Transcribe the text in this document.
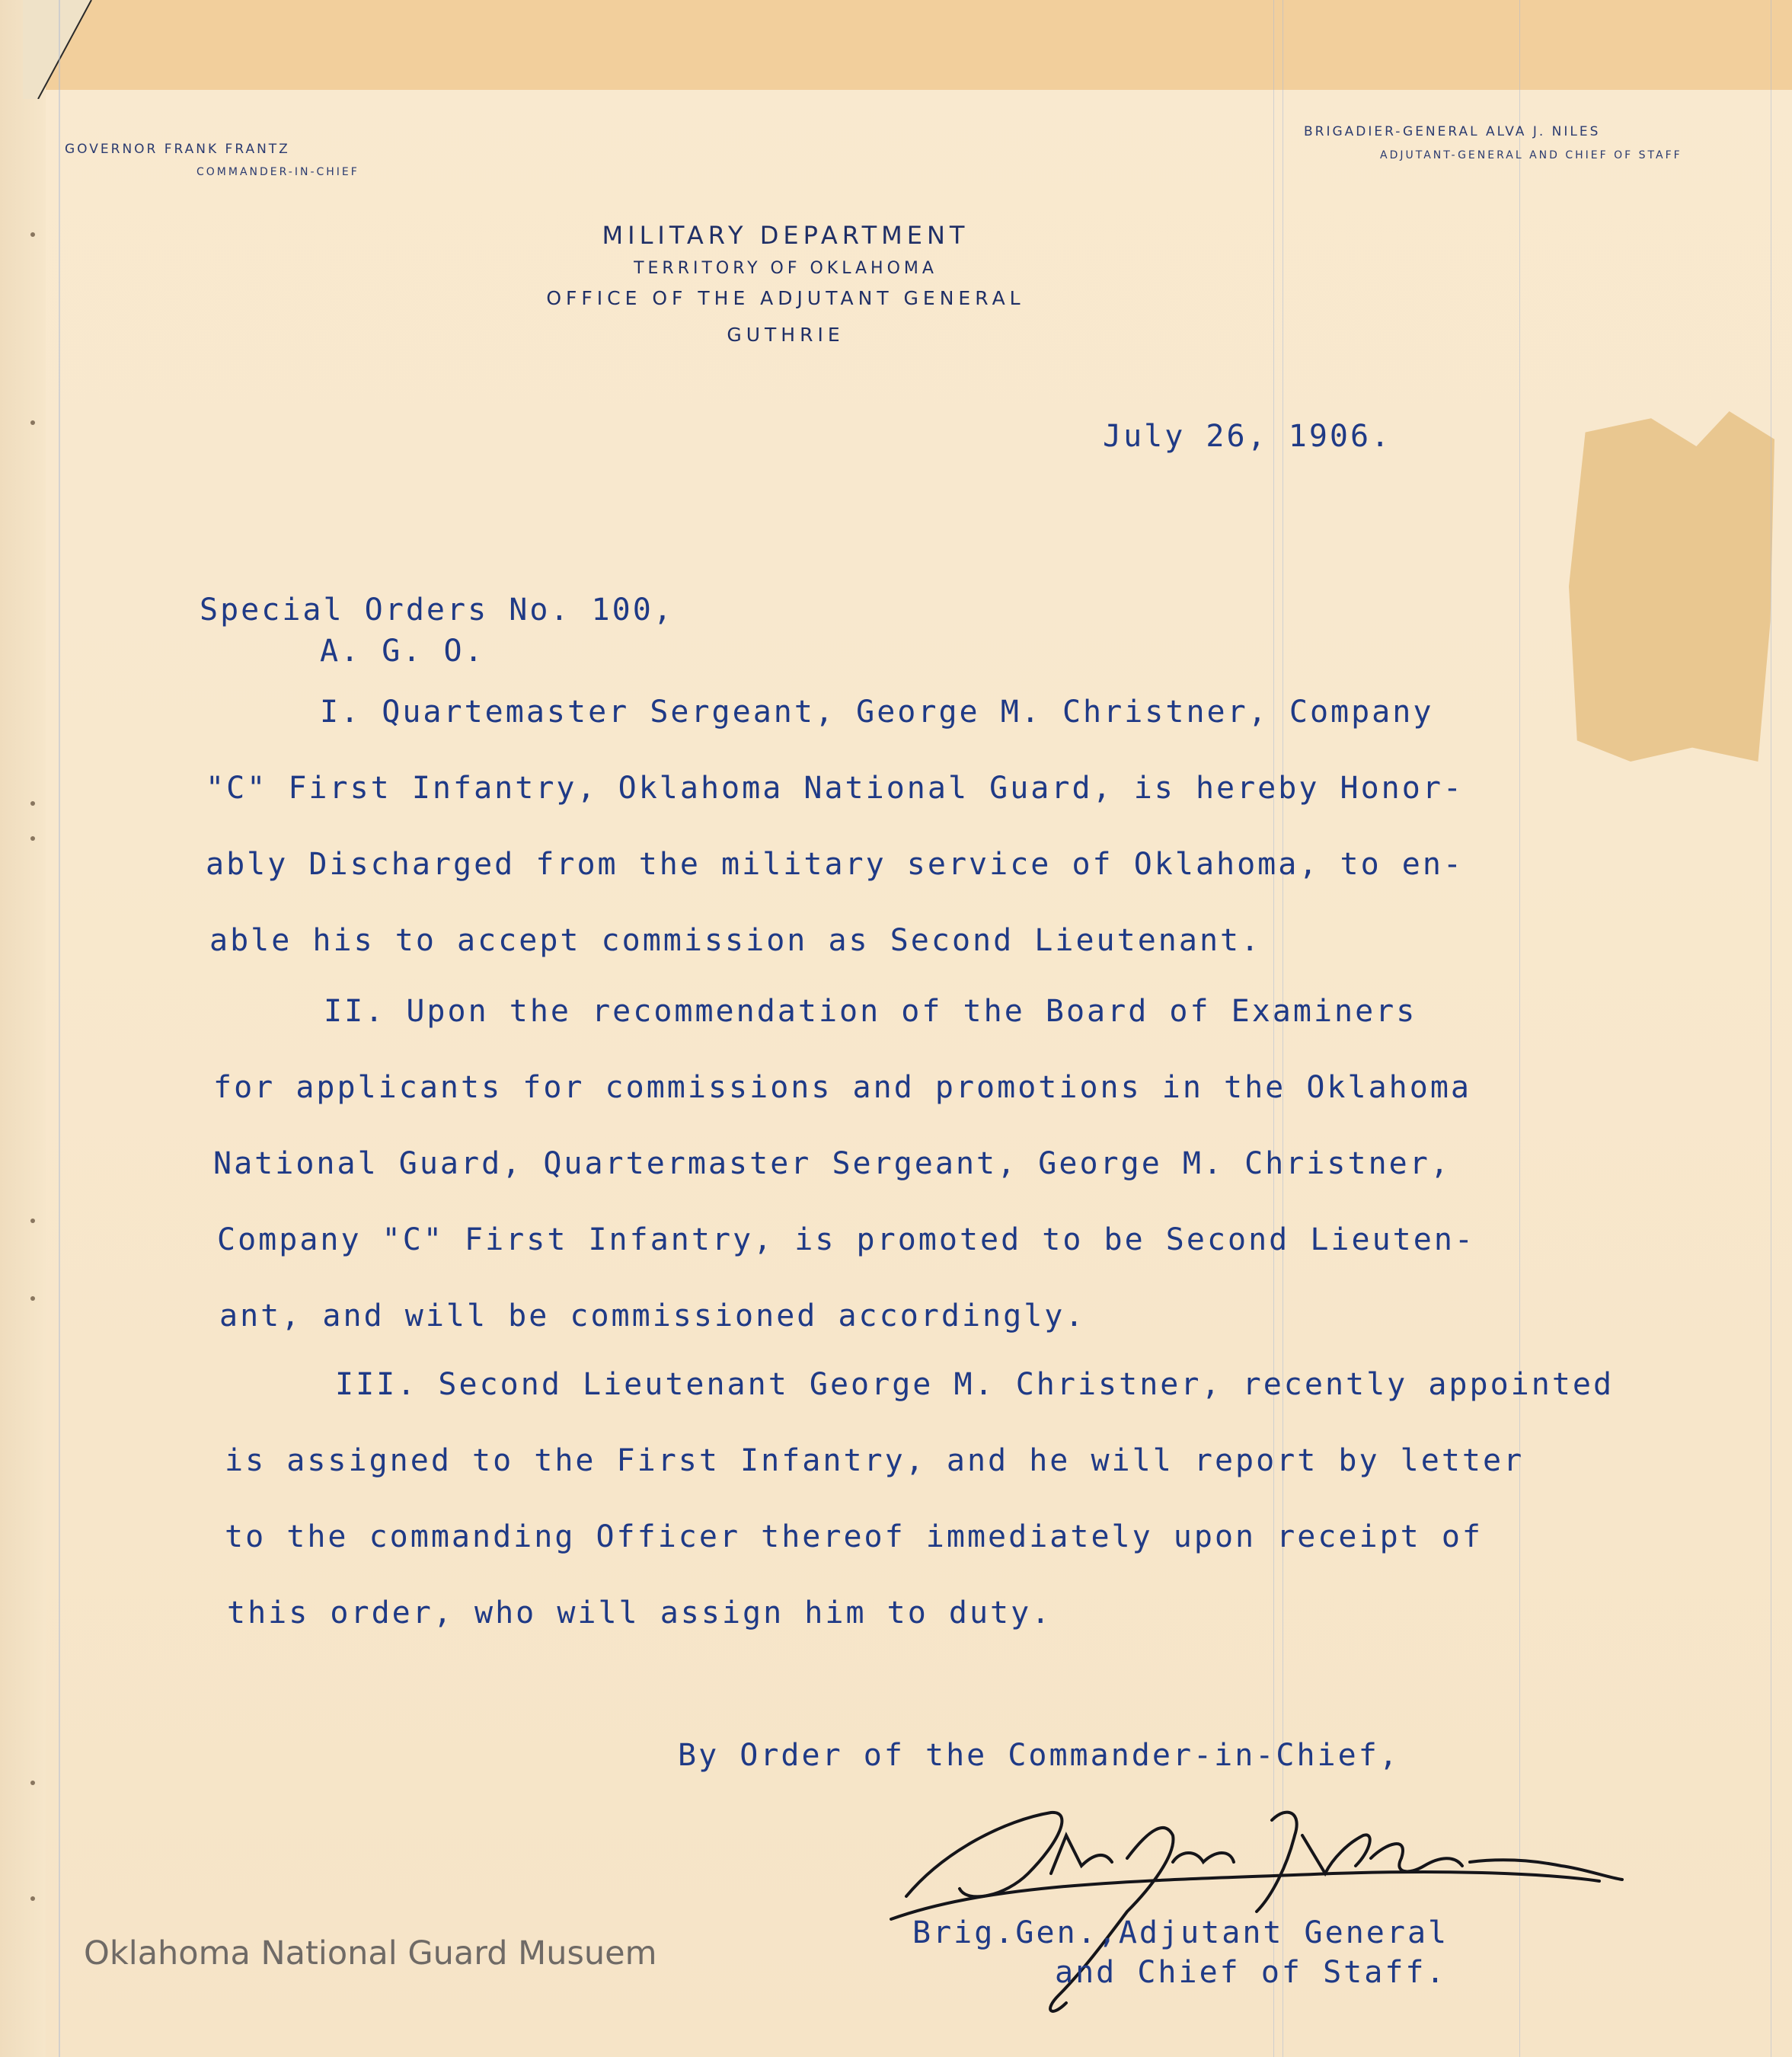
GOVERNOR FRANK FRANTZ
COMMANDER-IN-CHIEF
BRIGADIER-GENERAL ALVA J. NILES
ADJUTANT-GENERAL AND CHIEF OF STAFF
MILITARY DEPARTMENT
TERRITORY OF OKLAHOMA
OFFICE OF THE ADJUTANT GENERAL
GUTHRIE
July 26, 1906.
Special Orders No. 100,
A. G. O.
I. Quartemaster Sergeant, George M. Christner, Company
"C" First Infantry, Oklahoma National Guard, is hereby Honor-
ably Discharged from the military service of Oklahoma, to en-
able his to accept commission as Second Lieutenant.
II. Upon the recommendation of the Board of Examiners
for applicants for commissions and promotions in the Oklahoma
National Guard, Quartermaster Sergeant, George M. Christner,
Company "C" First Infantry, is promoted to be Second Lieuten-
ant, and will be commissioned accordingly.
III. Second Lieutenant George M. Christner, recently appointed
is assigned to the First Infantry, and he will report by letter
to the commanding Officer thereof immediately upon receipt of
this order, who will assign him to duty.
By Order of the Commander-in-Chief,
Brig.Gen.,Adjutant General
and Chief of Staff.
Oklahoma National Guard Musuem
